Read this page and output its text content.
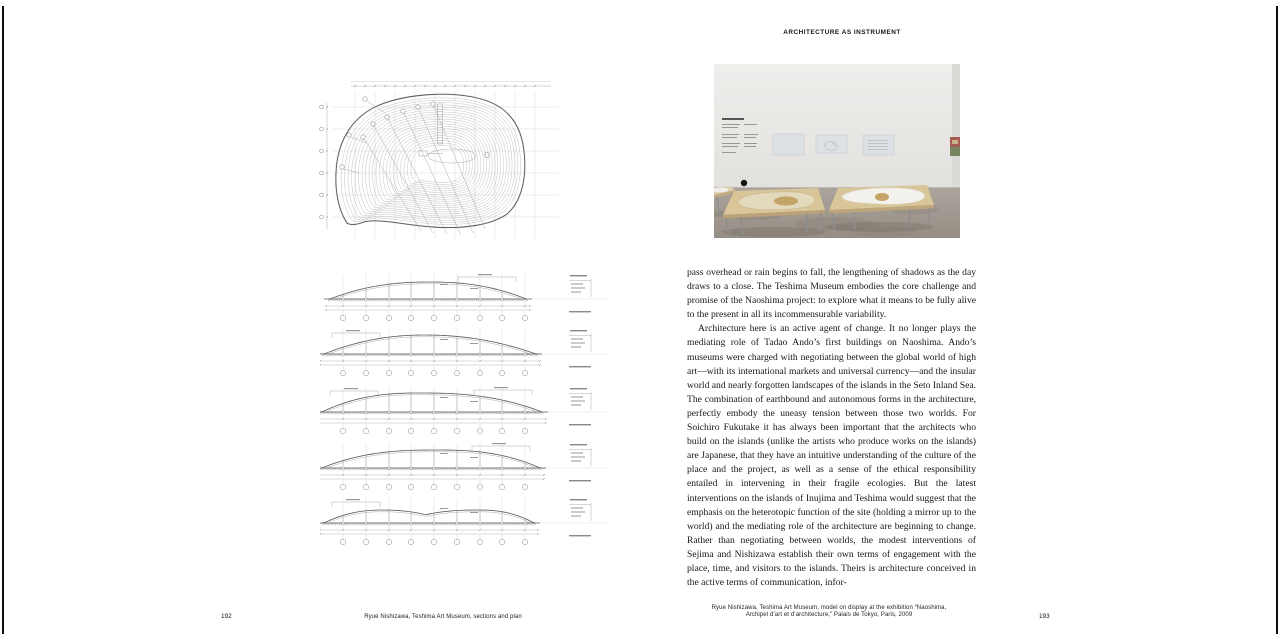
192	Ryue Nishizawa, Teshima Art Museum, sections and plan
ARCHITECTURE AS INSTRUMENT

pass overhead or rain begins to fall, the lengthening of shadows as the day draws to a close. The Teshima Museum embodies the core challenge and promise of the Naoshima project: to explore what it means to be fully alive to the present in all its incommensurable variability.

Architecture here is an active agent of change. It no longer plays the mediating role of Tadao Ando’s first buildings on Naoshima. Ando’s museums were charged with negotiating between the global world of high art—with its international markets and universal currency—and the insular world and nearly forgotten landscapes of the islands in the Seto Inland Sea. The combination of earthbound and autonomous forms in the architecture, perfectly embody the uneasy tension between those two worlds. For Soichiro Fukutake it has always been important that the architects who build on the islands (unlike the artists who produce works on the islands) are Japanese, that they have an intuitive understanding of the culture of the place and the project, as well as a sense of the ethical responsibility entailed in intervening in their fragile ecologies. But the latest interventions on the islands of Inujima and Teshima would suggest that the emphasis on the heterotopic function of the site (holding a mirror up to the world) and the mediating role of the architecture are beginning to change. Rather than negotiating between worlds, the modest interventions of Sejima and Nishizawa establish their own terms of engagement with the place, time, and visitors to the islands. Theirs is architecture conceived in the active terms of communication, infor-

Ryue Nishizawa, Teshima Art Museum, model on display at the exhibition “Naoshima,
Archipel d’art et d’architecture,” Palais de Tokyo, Paris, 2009	193
